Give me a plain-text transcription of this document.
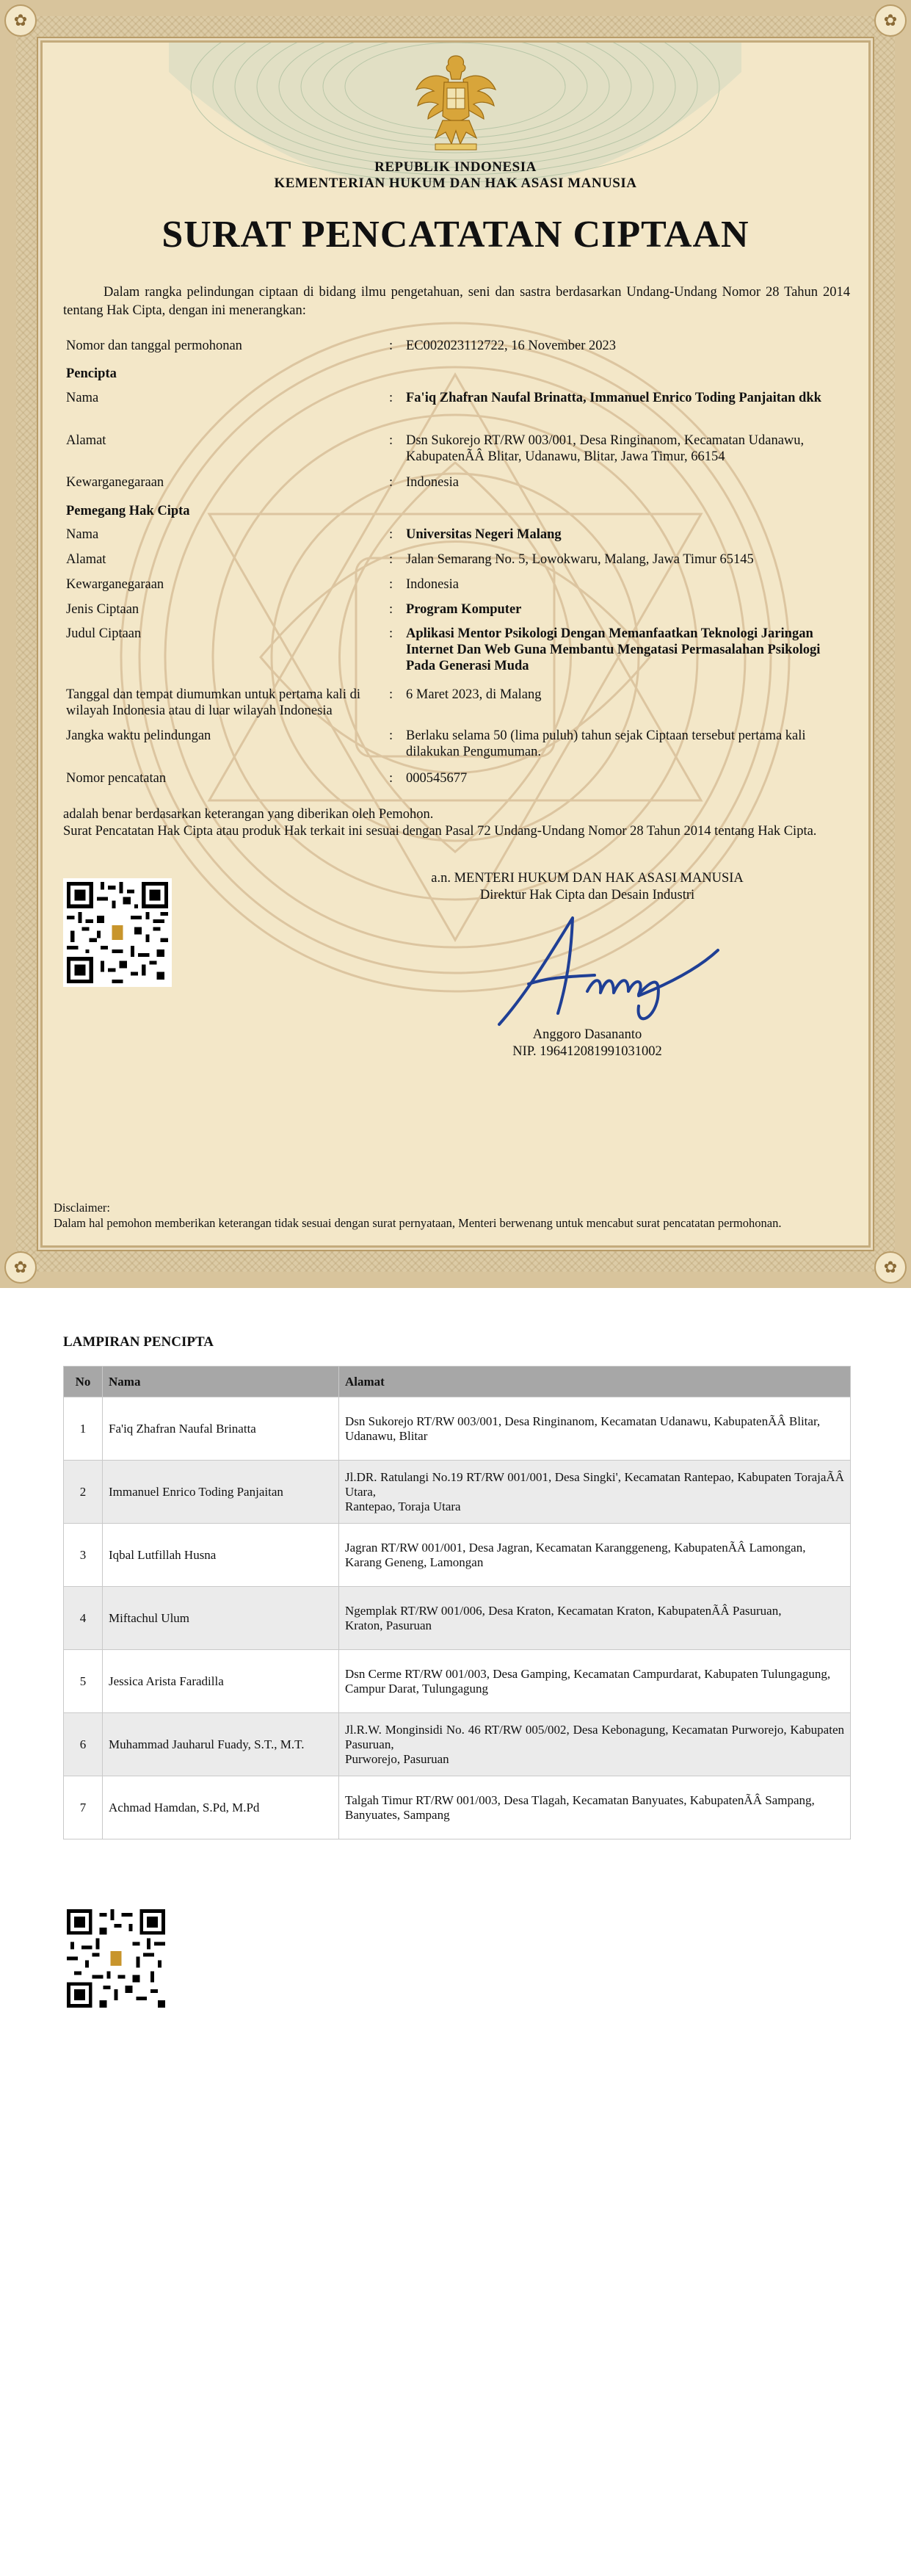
✿	✿
✿	✿
REPUBLIK INDONESIA
KEMENTERIAN HUKUM DAN HAK ASASI MANUSIA
SURAT PENCATATAN CIPTAAN
Dalam rangka pelindungan ciptaan di bidang ilmu pengetahuan, seni dan sastra berdasarkan Undang-Undang Nomor 28 Tahun 2014 tentang Hak Cipta, dengan ini menerangkan:
Nomor dan tanggal permohonan	: EC002023112722, 16 November 2023
Pencipta
Nama	: Fa'iq Zhafran Naufal Brinatta, Immanuel Enrico Toding Panjaitan dkk
Alamat	: Dsn Sukorejo RT/RW 003/001, Desa Ringinanom, Kecamatan Udanawu, KabupatenÃÂ Blitar, Udanawu, Blitar, Jawa Timur, 66154
Kewarganegaraan	: Indonesia
Pemegang Hak Cipta
Nama	: Universitas Negeri Malang
Alamat	: Jalan Semarang No. 5, Lowokwaru, Malang, Jawa Timur 65145
Kewarganegaraan	: Indonesia
Jenis Ciptaan	: Program Komputer
Judul Ciptaan	: Aplikasi Mentor Psikologi Dengan Memanfaatkan Teknologi Jaringan Internet Dan Web Guna Membantu Mengatasi Permasalahan Psikologi Pada Generasi Muda
Tanggal dan tempat diumumkan untuk pertama kali di wilayah Indonesia atau di luar wilayah Indonesia
: 6 Maret 2023, di Malang
Jangka waktu pelindungan	: Berlaku selama 50 (lima puluh) tahun sejak Ciptaan tersebut pertama kali dilakukan Pengumuman.
Nomor pencatatan	: 000545677
adalah benar berdasarkan keterangan yang diberikan oleh Pemohon.
Surat Pencatatan Hak Cipta atau produk Hak terkait ini sesuai dengan Pasal 72 Undang-Undang Nomor 28 Tahun 2014 tentang Hak Cipta.
a.n. MENTERI HUKUM DAN HAK ASASI MANUSIA
Direktur Hak Cipta dan Desain Industri
Anggoro Dasananto
NIP. 196412081991031002
Disclaimer:
Dalam hal pemohon memberikan keterangan tidak sesuai dengan surat pernyataan, Menteri berwenang untuk mencabut surat pencatatan permohonan.
LAMPIRAN PENCIPTA
No	Nama	Alamat
1	Fa'iq Zhafran Naufal Brinatta	Dsn Sukorejo RT/RW 003/001, Desa Ringinanom, Kecamatan Udanawu, KabupatenÃÂ Blitar,
Udanawu, Blitar
2	Immanuel Enrico Toding Panjaitan	Jl.DR. Ratulangi No.19 RT/RW 001/001, Desa Singki', Kecamatan Rantepao, Kabupaten TorajaÃÂ Utara,
Rantepao, Toraja Utara
3	Iqbal Lutfillah Husna	Jagran RT/RW 001/001, Desa Jagran, Kecamatan Karanggeneng, KabupatenÃÂ Lamongan,
Karang Geneng, Lamongan
4	Miftachul Ulum	Ngemplak RT/RW 001/006, Desa Kraton, Kecamatan Kraton, KabupatenÃÂ Pasuruan,
Kraton, Pasuruan
5	Jessica Arista Faradilla	Dsn Cerme RT/RW 001/003, Desa Gamping, Kecamatan Campurdarat, Kabupaten Tulungagung,
Campur Darat, Tulungagung
6	Muhammad Jauharul Fuady, S.T., M.T.	Jl.R.W. Monginsidi No. 46 RT/RW 005/002, Desa Kebonagung, Kecamatan Purworejo, Kabupaten Pasuruan,
Purworejo, Pasuruan
7	Achmad Hamdan, S.Pd, M.Pd	Talgah Timur RT/RW 001/003, Desa Tlagah, Kecamatan Banyuates, KabupatenÃÂ Sampang,
Banyuates, Sampang
